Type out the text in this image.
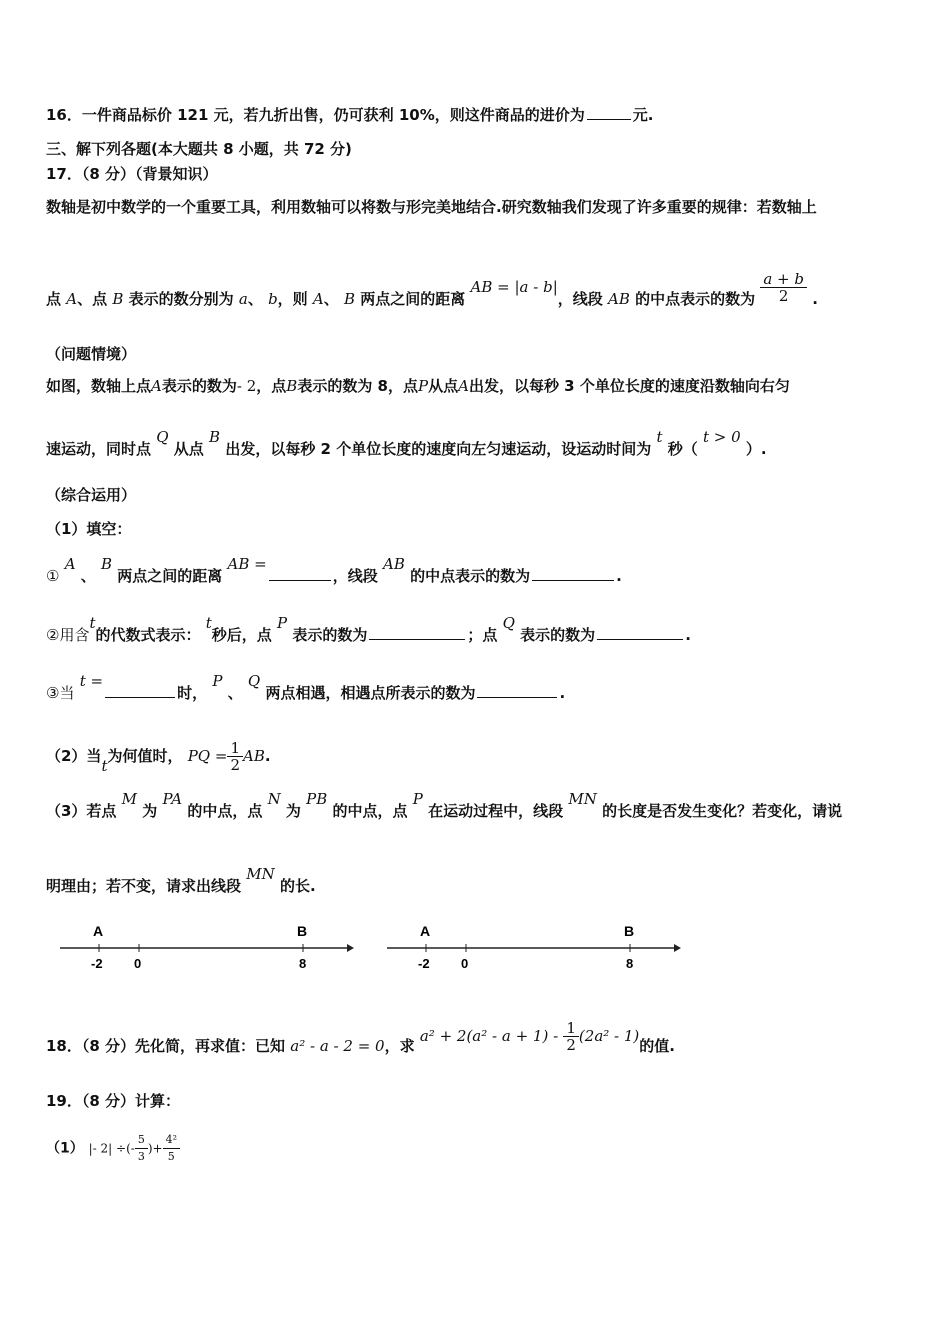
16．一件商品标价 121 元，若九折出售，仍可获利 10%，则这件商品的进价为	元.
三、解下列各题(本大题共 8 小题，共 72 分)
17．（8 分）（背景知识）
数轴是初中数学的一个重要工具，利用数轴可以将数与形完美地结合.研究数轴我们发现了许多重要的规律：若数轴上
点 A、点 B 表示的数分别为 a、 b，则 A、 B 两点之间的距离 AB = |a - b|，线段 AB 的中点表示的数为 $\frac{a + b}{2}$ .
（问题情境）
如图，数轴上点A表示的数为- 2，点B表示的数为 8，点P从点A出发，以每秒 3 个单位长度的速度沿数轴向右匀
速运动，同时点 Q 从点 B 出发，以每秒 2 个单位长度的速度向左匀速运动，设运动时间为 t 秒（ t > 0 ）.
（综合运用）
（1）填空：
① A 、 B 两点之间的距离 AB =，线段 AB 的中点表示的数为	.
②用含t的代数式表示： t秒后，点 P 表示的数为	；点 Q 表示的数为	.
③当 t =时， P 、 Q 两点相遇，相遇点所表示的数为	.
（2）当t为何值时， PQ = $\frac{1}{2}$ AB.
（3）若点 M 为 PA 的中点，点 N 为 PB 的中点，点 P 在运动过程中，线段 MN 的长度是否发生变化？若变化，请说
明理由；若不变，请求出线段 MN 的长.
A	B
-2 0	8
A	B
-2 0	8
18．（8 分）先化简，再求值：已知 a² - a - 2 = 0，求 $a^2 + 2(a^2 - a + 1) - \frac{1}{2} (2a^2 - 1)$的值.
19．（8 分）计算：
（1） |- 2| ÷(- $\frac{5}{3}$ )+ $\frac{\text{4²}}{5}$
